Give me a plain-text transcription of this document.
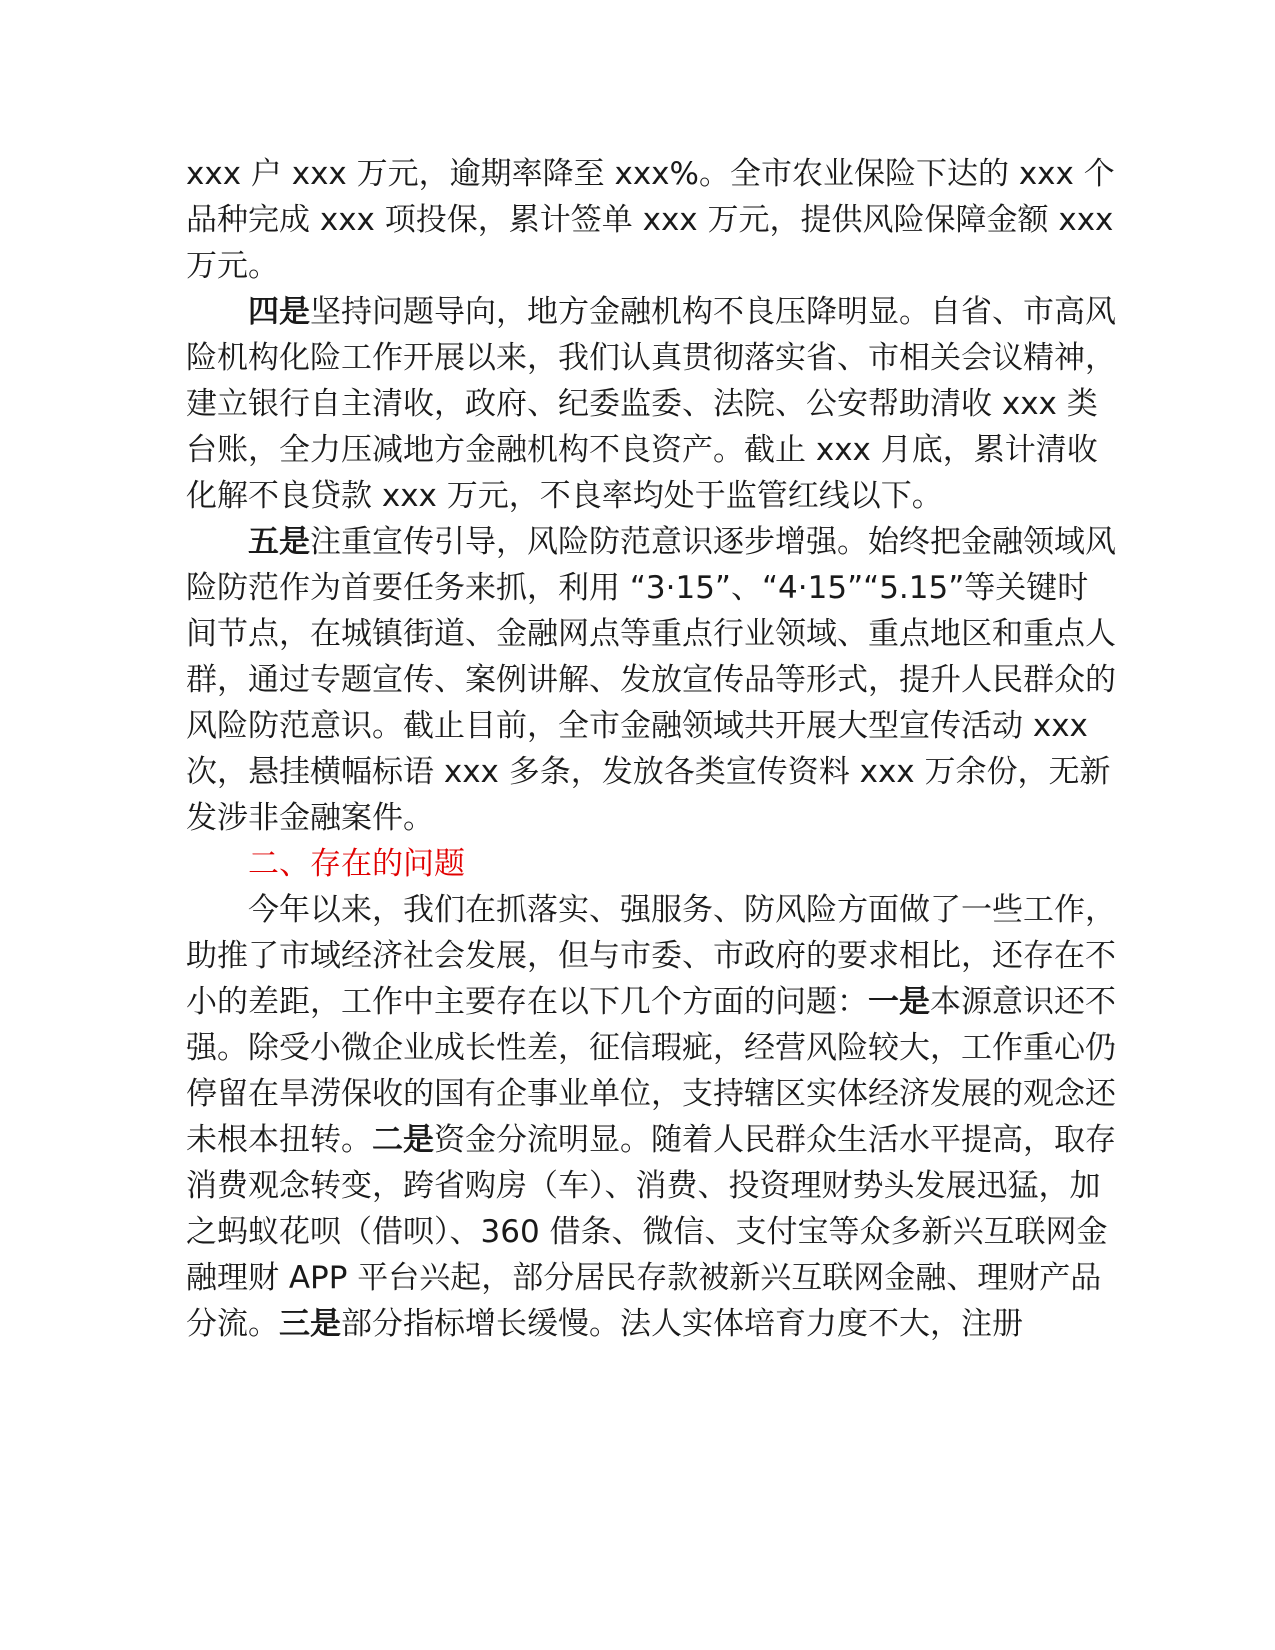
xxx 户 xxx 万元，逾期率降至 xxx%。全市农业保险下达的 xxx 个品种完成 xxx 项投保，累计签单 xxx 万元，提供风险保障金额 xxx 万元。

四是坚持问题导向，地方金融机构不良压降明显。自省、市高风险机构化险工作开展以来，我们认真贯彻落实省、市相关会议精神，建立银行自主清收，政府、纪委监委、法院、公安帮助清收 xxx 类台账，全力压减地方金融机构不良资产。截止 xxx 月底，累计清收化解不良贷款 xxx 万元，不良率均处于监管红线以下。

五是注重宣传引导，风险防范意识逐步增强。始终把金融领域风险防范作为首要任务来抓，利用 “3·15”、“4·15”“5.15”等关键时间节点，在城镇街道、金融网点等重点行业领域、重点地区和重点人群，通过专题宣传、案例讲解、发放宣传品等形式，提升人民群众的风险防范意识。截止目前，全市金融领域共开展大型宣传活动 xxx 次，悬挂横幅标语 xxx 多条，发放各类宣传资料 xxx 万余份，无新发涉非金融案件。

二、存在的问题

今年以来，我们在抓落实、强服务、防风险方面做了一些工作，助推了市域经济社会发展，但与市委、市政府的要求相比，还存在不小的差距，工作中主要存在以下几个方面的问题：一是本源意识还不强。除受小微企业成长性差，征信瑕疵，经营风险较大，工作重心仍停留在旱涝保收的国有企事业单位，支持辖区实体经济发展的观念还未根本扭转。二是资金分流明显。随着人民群众生活水平提高，取存消费观念转变，跨省购房（车）、消费、投资理财势头发展迅猛，加之蚂蚁花呗（借呗）、360 借条、微信、支付宝等众多新兴互联网金融理财 APP 平台兴起，部分居民存款被新兴互联网金融、理财产品分流。三是部分指标增长缓慢。法人实体培育力度不大，注册
